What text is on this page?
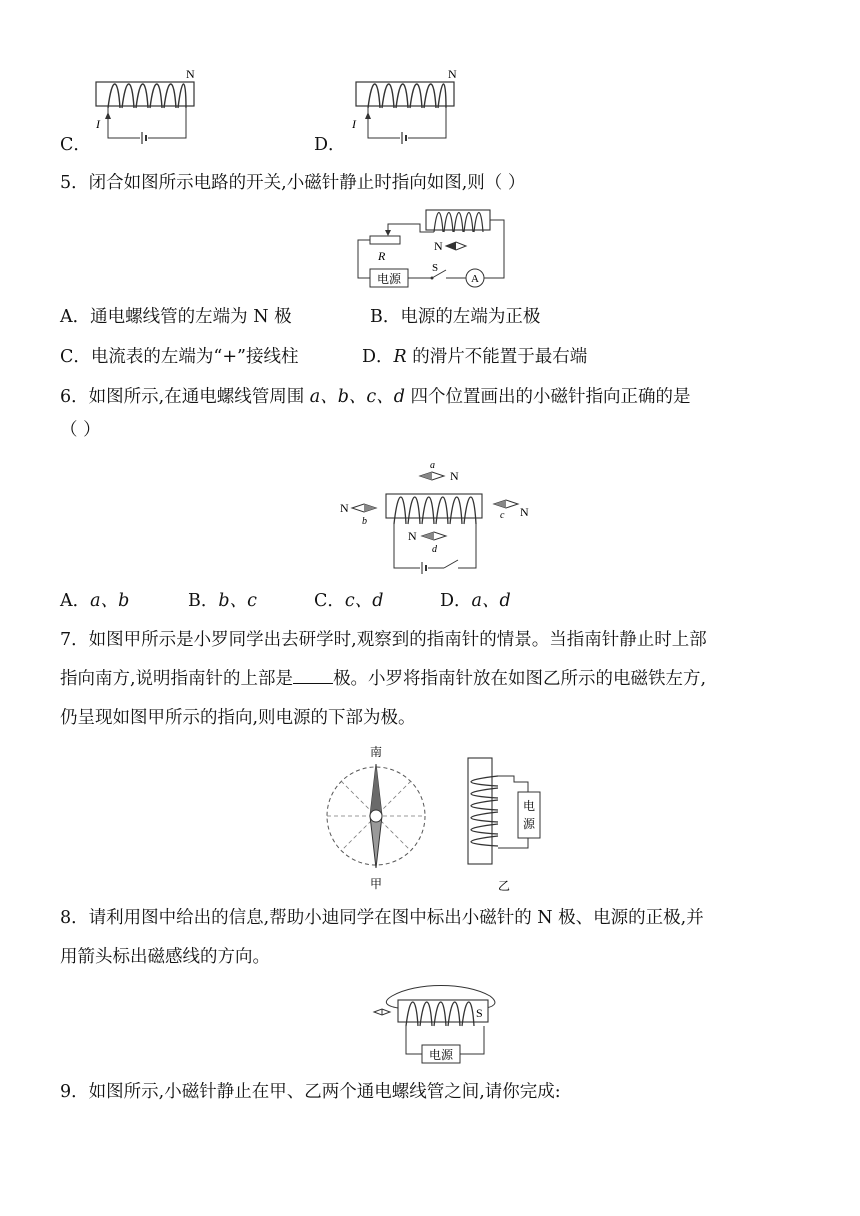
C．
N
I
D．
N
I
5．闭合如图所示电路的开关,小磁针静止时指向如图,则（ ）
电源
S
A
N
R
A．通电螺线管的左端为 N 极	B．电源的左端为正极
C．电流表的左端为“+”接线柱	D．R 的滑片不能置于最右端
6．如图所示,在通电螺线管周围 a、b、c、d 四个位置画出的小磁针指向正确的是
（ ）
a
N
N
b
N
c
N
d
A．a、b	B．b、c	C．c、d	D．a、d
7．如图甲所示是小罗同学出去研学时,观察到的指南针的情景。当指南针静止时上部
指向南方,说明指南针的上部是 极。小罗将指南针放在如图乙所示的电磁铁左方,
仍呈现如图甲所示的指向,则电源的下部为极。
南
甲
电
源
乙
8．请利用图中给出的信息,帮助小迪同学在图中标出小磁针的 N 极、电源的正极,并
用箭头标出磁感线的方向。
S
电源
9．如图所示,小磁针静止在甲、乙两个通电螺线管之间,请你完成:
